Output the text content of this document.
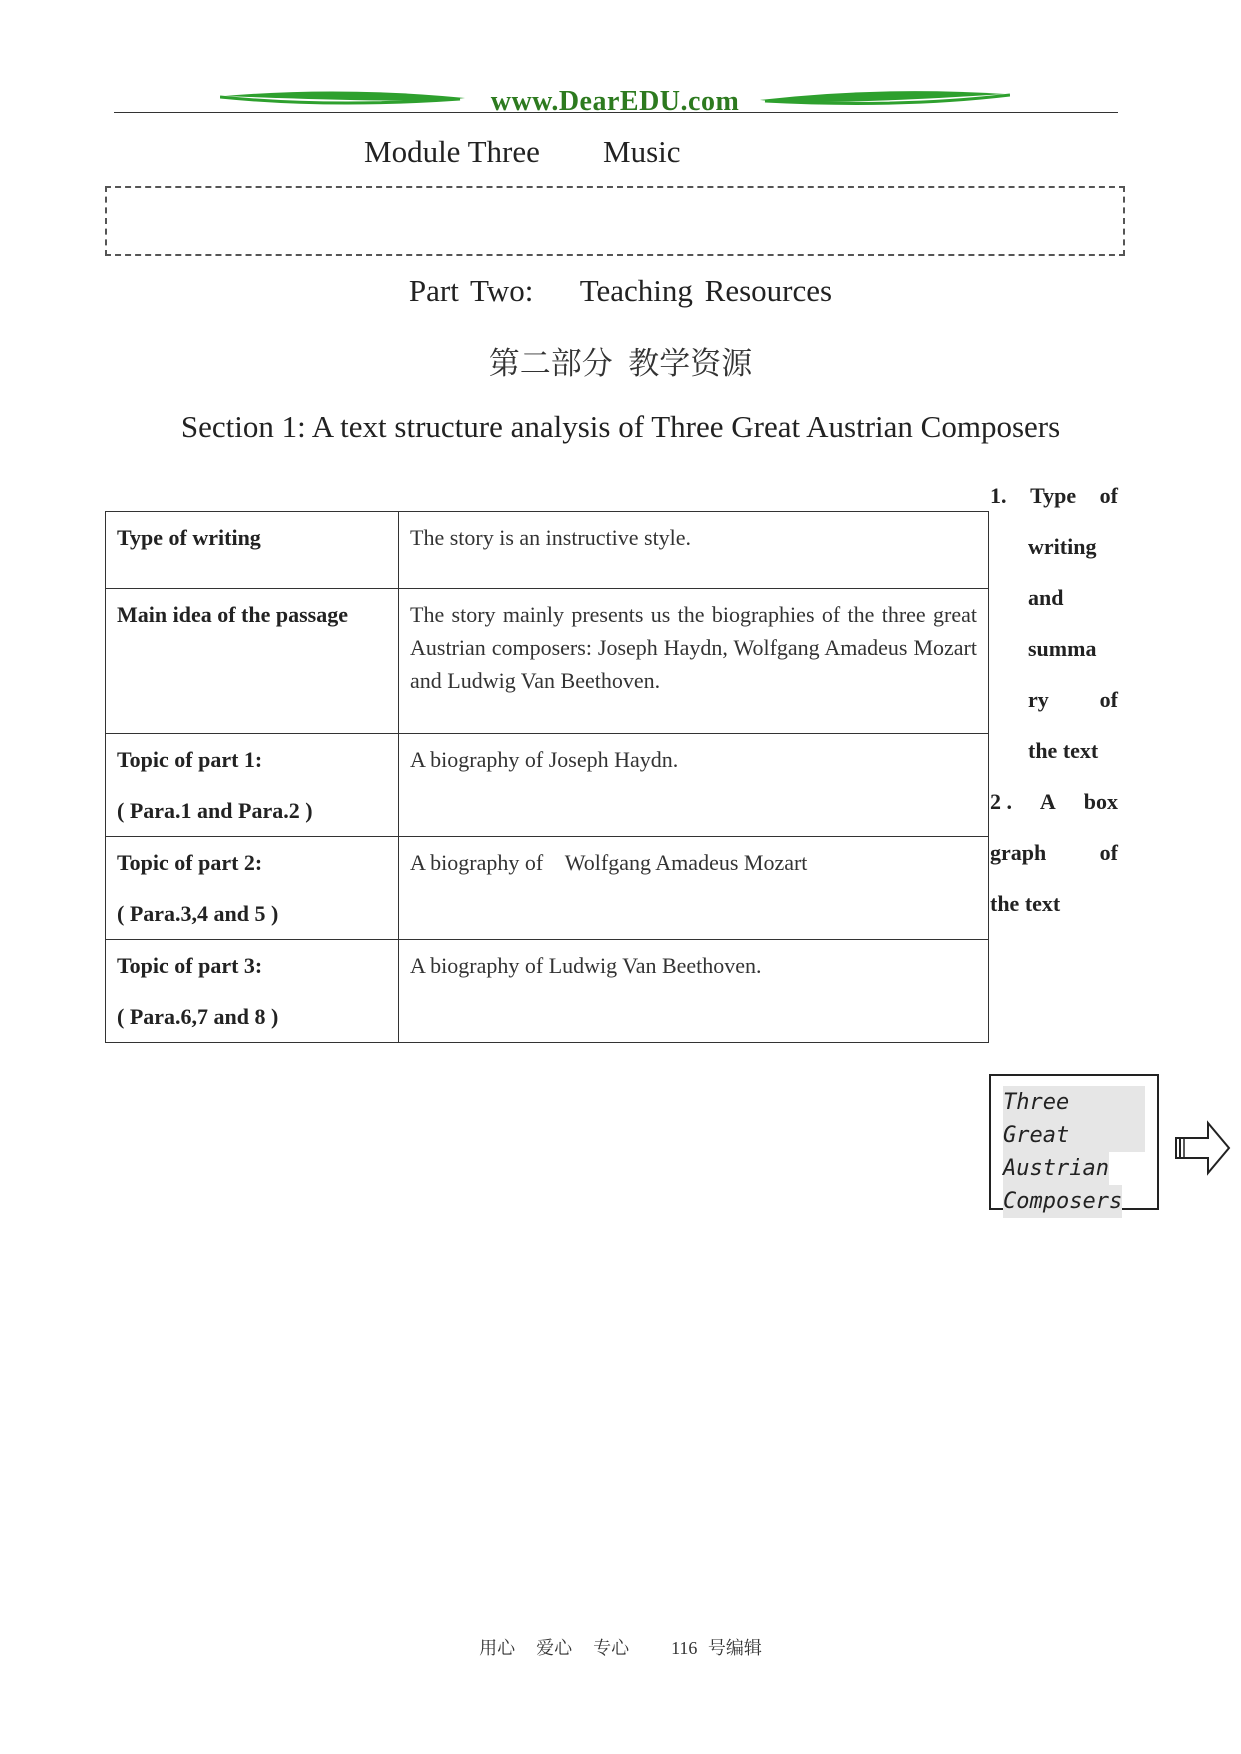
www.DearEDU.com
Module Three Music
Part Two:    Teaching Resources
第二部分  教学资源
Section 1: A text structure analysis of Three Great Austrian Composers
Type of writing	The story is an instructive style.
Main idea of the passage	The story mainly presents us the biographies of the three great Austrian composers: Joseph Haydn, Wolfgang Amadeus Mozart and Ludwig Van Beethoven.
Topic of part 1:
( Para.1 and Para.2 )	A biography of Joseph Haydn.
Topic of part 2:
( Para.3,4 and 5 )	A biography of    Wolfgang Amadeus Mozart
Topic of part 3:
( Para.6,7 and 8 )	A biography of Ludwig Van Beethoven.
1. Type of
writing
and
summa
ry of
the text
2 . A box
graph of
the text
Three Great
Austrian
Composers
用心  爱心  专心    116 号编辑
